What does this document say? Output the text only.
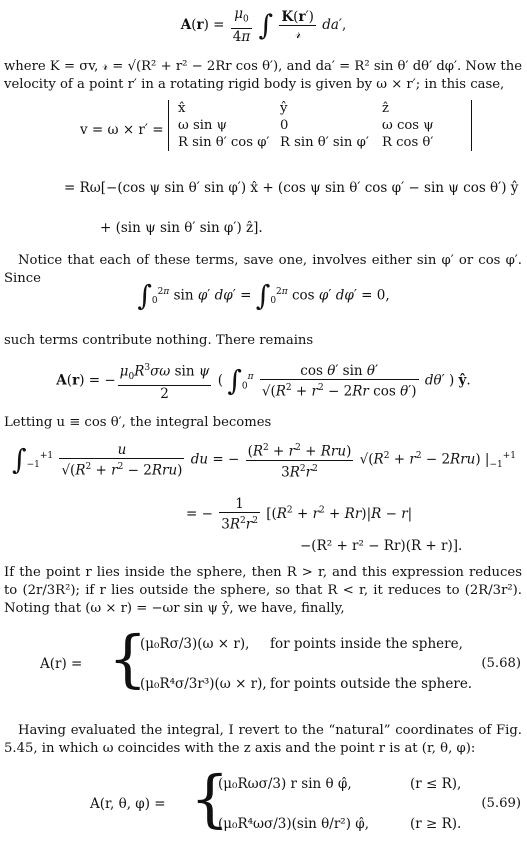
$A(r) = \frac{\mu_0}{4\pi}$ ∫ $\frac{K(r')}{\text{𝓇}} da'$,
where K = σv, 𝓇 = √(R² + r² − 2Rr cos θ′), and da′ = R² sin θ′ dθ′ dφ′. Now the velocity of a point r′ in a rotating rigid body is given by ω × r′; in this case,
v = ω × r′ =
x̂	ŷ	ẑ
ω sin ψ	0	ω cos ψ
R sin θ′ cos φ′	R sin θ′ sin φ′	R cos θ′
= Rω[−(cos ψ sin θ′ sin φ′) x̂ + (cos ψ sin θ′ cos φ′ − sin ψ cos θ′) ŷ
+ (sin ψ sin θ′ sin φ′) ẑ].
Notice that each of these terms, save one, involves either sin φ′ or cos φ′. Since
$\int_0^{2\pi}$ sin φ′ $d\varphi' = \int_0^{2\pi}$ cos φ′ dφ′ = 0,
such terms contribute nothing. There remains
A(r) = − $\frac{\mu_0R^3\sigma\omega \sin \psi}{2}$ ( $\int_0^\pi \frac{\text{cos θ′ sin θ′}}{√(R^2 + r^2 - 2Rr \cos \theta')} d\theta'$ ) ŷ.
Letting u ≡ cos θ′, the integral becomes
$\int_{-1}^{+1} \frac{u}{√(R^2 + r^2 - 2Rru)}$ du = − $\frac{(R^2 + r^2 + Rru)}{3R^2r^2} √(R^2 + r^2 - 2Rru)$ $|_{-1}^{+1}$
= − $\frac{1}{3R^2r^2} [(R^2 + r^2 + Rr)|R - r|$
−(R² + r² − Rr)(R + r)].
If the point r lies inside the sphere, then R > r, and this expression reduces to (2r/3R²); if r lies outside the sphere, so that R < r, it reduces to (2R/3r²). Noting that (ω × r) = −ωr sin ψ ŷ, we have, finally,
A(r) = {
(μ₀Rσ/3)(ω × r), for points inside the sphere,
(μ₀R⁴σ/3r³)(ω × r), for points outside the sphere.
(5.68)
Having evaluated the integral, I revert to the “natural” coordinates of Fig. 5.45, in which ω coincides with the z axis and the point r is at (r, θ, φ):
A(r, θ, φ) = {
(μ₀Rωσ/3) r sin θ φ̂,	(r ≤ R),
(μ₀R⁴ωσ/3)(sin θ/r²) φ̂,	(r ≥ R).
(5.69)
